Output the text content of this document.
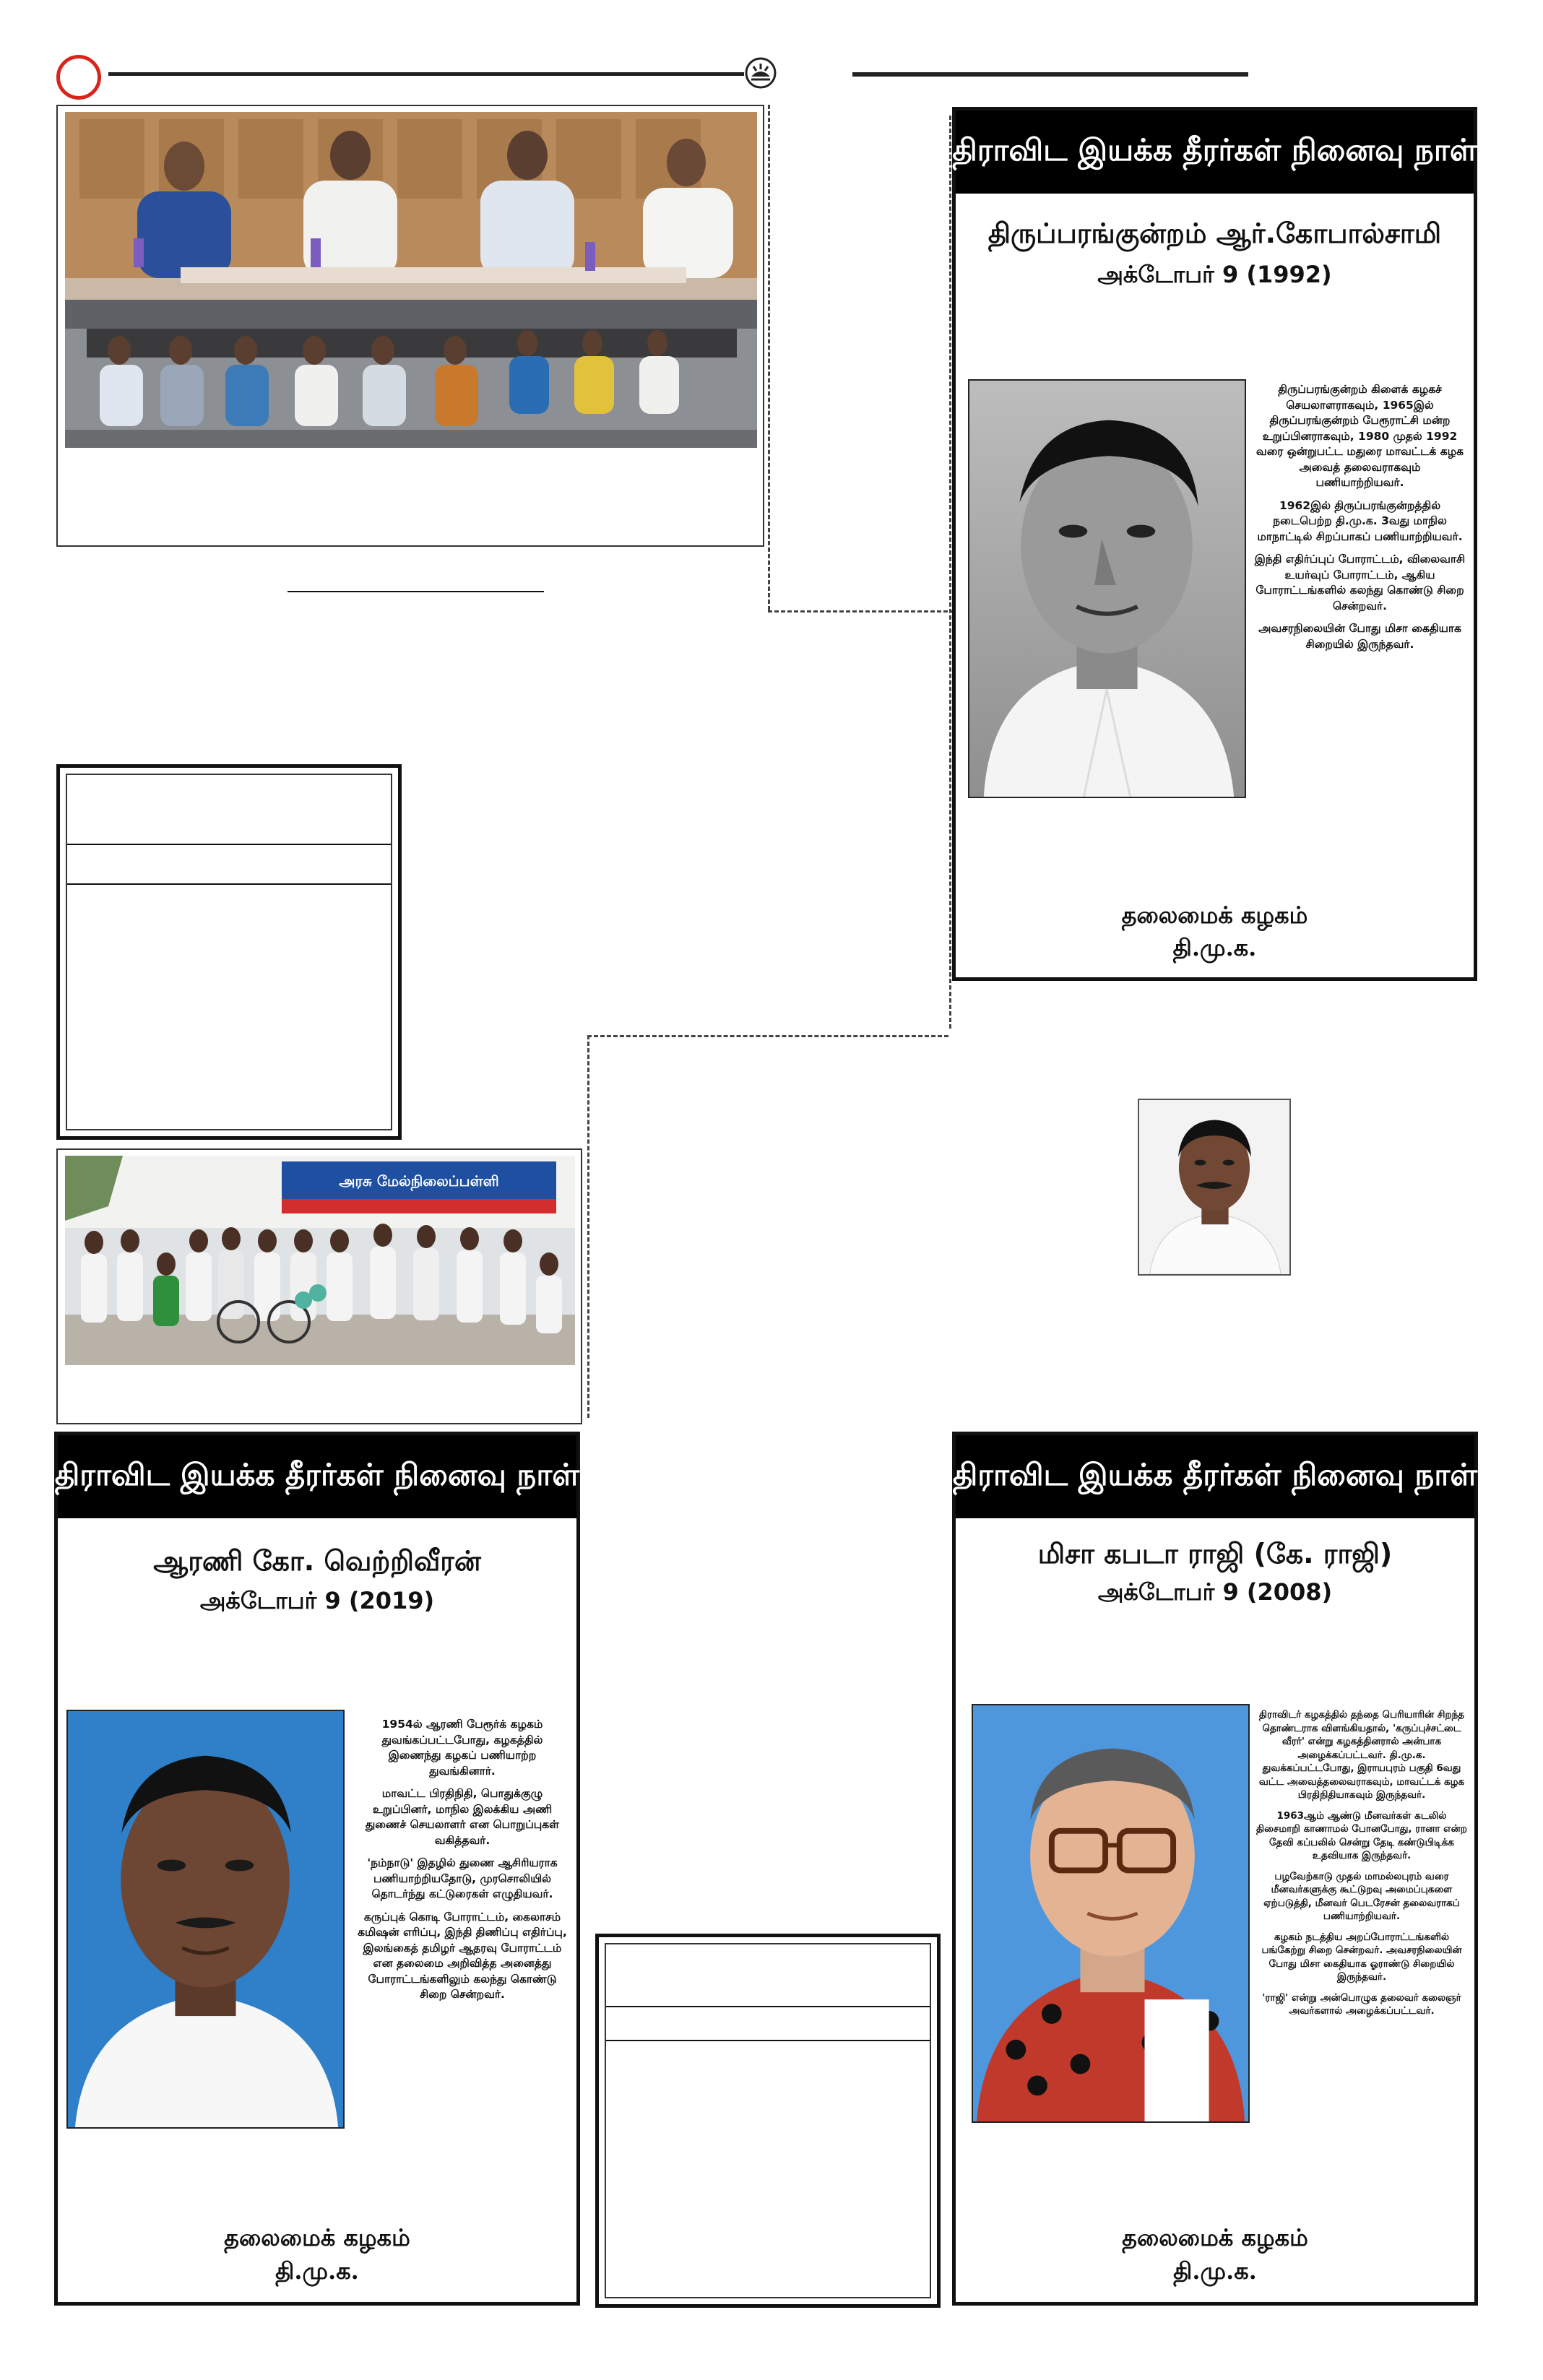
திராவிட இயக்க தீரர்கள் நினைவு நாள்
திருப்பரங்குன்றம் ஆர்.கோபால்சாமி
அக்டோபர் 9 (1992)

திருப்பரங்குன்றம் கிளைக் கழகச் செயலாளராகவும், 1965இல் திருப்பரங்குன்றம் பேரூராட்சி மன்ற உறுப்பினராகவும், 1980 முதல் 1992 வரை ஒன்றுபட்ட மதுரை மாவட்டக் கழக அவைத் தலைவராகவும் பணியாற்றியவர்.

1962இல் திருப்பரங்குன்றத்தில் நடைபெற்ற தி.மு.க. 3வது மாநில மாநாட்டில் சிறப்பாகப் பணியாற்றியவர்.

இந்தி எதிர்ப்புப் போராட்டம், விலைவாசி உயர்வுப் போராட்டம், ஆகிய போராட்டங்களில் கலந்து கொண்டு சிறை சென்றவர்.

அவசரநிலையின் போது மிசா கைதியாக சிறையில் இருந்தவர்.

தலைமைக் கழகம்
தி.மு.க.
அரசு மேல்நிலைப்பள்ளி
திராவிட இயக்க தீரர்கள் நினைவு நாள்
ஆரணி கோ. வெற்றிவீரன்
அக்டோபர் 9 (2019)

1954ல் ஆரணி பேரூர்க் கழகம் துவங்கப்பட்டபோது, கழகத்தில் இணைந்து கழகப் பணியாற்ற துவங்கினார்.

மாவட்ட பிரதிநிதி, பொதுக்குழு உறுப்பினர், மாநில இலக்கிய அணி துணைச் செயலாளர் என பொறுப்புகள் வகித்தவர்.

'நம்நாடு' இதழில் துணை ஆசிரியராக பணியாற்றியதோடு, முரசொலியில் தொடர்ந்து கட்டுரைகள் எழுதியவர்.

கருப்புக் கொடி போராட்டம், கைலாசம் கமிஷன் எரிப்பு, இந்தி திணிப்பு எதிர்ப்பு, இலங்கைத் தமிழர் ஆதரவு போராட்டம் என தலைமை அறிவித்த அனைத்து போராட்டங்களிலும் கலந்து கொண்டு சிறை சென்றவர்.

தலைமைக் கழகம்
தி.மு.க.
திராவிட இயக்க தீரர்கள் நினைவு நாள்
மிசா கபடா ராஜி (கே. ராஜி)
அக்டோபர் 9 (2008)

திராவிடர் கழகத்தில் தந்தை பெரியாரின் சிறந்த தொண்டராக விளங்கியதால், 'கருப்புச்சட்டை வீரர்' என்று கழகத்தினரால் அன்பாக அழைக்கப்பட்டவர். தி.மு.க. துவக்கப்பட்டபோது, இராயபுரம் பகுதி 6வது வட்ட அவைத்தலைவராகவும், மாவட்டக் கழக பிரதிநிதியாகவும் இருந்தவர்.

1963ஆம் ஆண்டு மீனவர்கள் கடலில் திசைமாறி காணாமல் போனபோது, ரானா என்ற தேவி கப்பலில் சென்று தேடி கண்டுபிடிக்க உதவியாக இருந்தவர்.

பழவேற்காடு முதல் மாமல்லபுரம் வரை மீனவர்களுக்கு கூட்டுறவு அமைப்புகளை ஏற்படுத்தி, மீனவர் பெடரேசன் தலைவராகப் பணியாற்றியவர்.

கழகம் நடத்திய அறப்போராட்டங்களில் பங்கேற்று சிறை சென்றவர். அவசரநிலையின் போது மிசா கைதியாக ஓராண்டு சிறையில் இருந்தவர்.

'ராஜி' என்று அன்பொழுக தலைவர் கலைஞர் அவர்களால் அழைக்கப்பட்டவர்.

தலைமைக் கழகம்
தி.மு.க.
